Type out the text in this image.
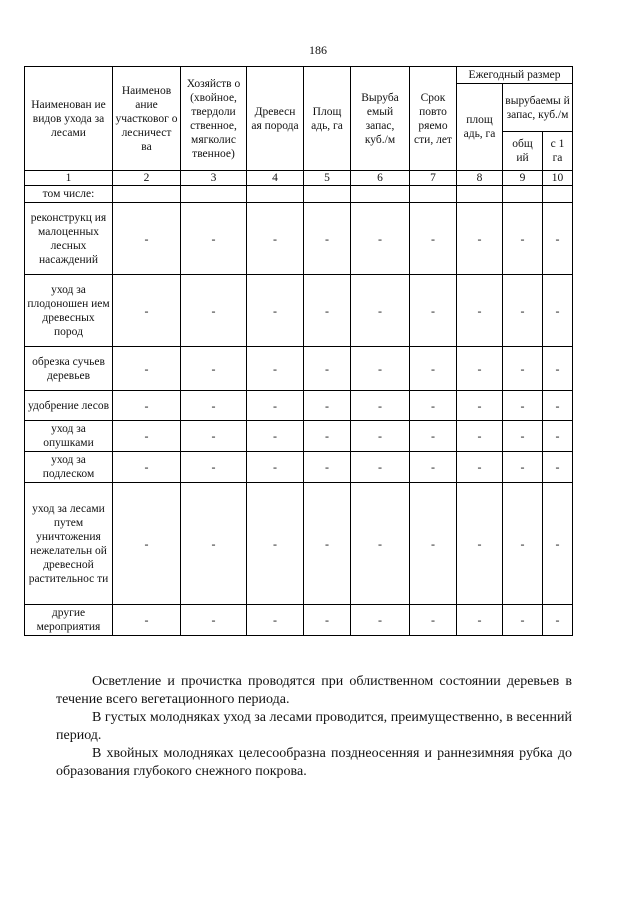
186
Наименован ие видов ухода за лесами	Наименов ание участковог о лесничест ва	Хозяйств о (хвойное, твердоли ственное, мягколис твенное)	Древесн ая порода	Площ адь, га	Выруба емый запас, куб./м	Срок повто ряемо сти, лет	Ежегодный размер		
							площ адь, га	вырубаемы й запас, куб./м	
								общ ий	с 1 га
1	2	3	4	5	6	7	8	9	10
том числе:									
реконструкц ия малоценных лесных насаждений	-	-	-	-	-	-	-	-	-
уход за плодоношен ием древесных пород	-	-	-	-	-	-	-	-	-
обрезка сучьев деревьев	-	-	-	-	-	-	-	-	-
удобрение лесов	-	-	-	-	-	-	-	-	-
уход за опушками	-	-	-	-	-	-	-	-	-
уход за подлеском	-	-	-	-	-	-	-	-	-
уход за лесами путем уничтожения нежелательн ой древесной растительнос ти	-	-	-	-	-	-	-	-	-
другие мероприятия	-	-	-	-	-	-	-	-	-

Осветление и прочистка проводятся при облиственном состоянии деревьев в течение всего вегетационного периода.

В густых молодняках уход за лесами проводится, преимущественно, в весенний период.

В хвойных молодняках целесообразна позднеосенняя и раннезимняя рубка до образования глубокого снежного покрова.
